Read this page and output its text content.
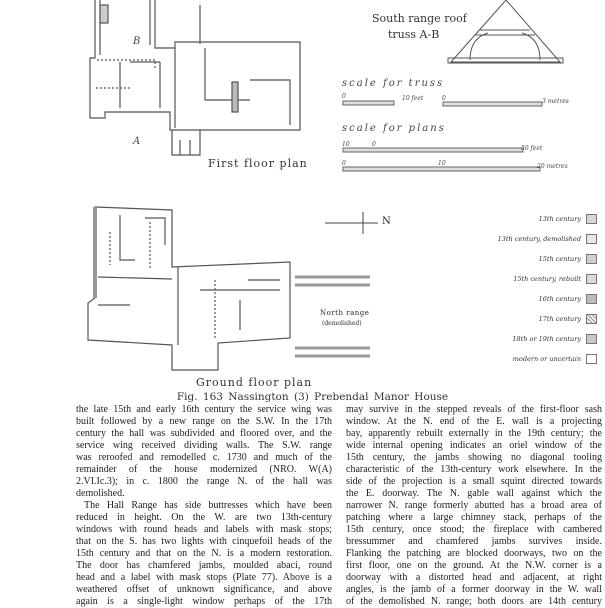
First floor plan
B
A
South range roof
truss A-B
scale for truss
0	10 feet	0	3 metres
scale for plans
10	0
50 feet
0	10	20 metres
N
North range
(demolished)
Ground floor plan
13th century
13th century, demolished
15th century
15th century, rebuilt
16th century
17th century
18th or 19th century
modern or uncertain
Fig. 163 Nassington (3) Prebendal Manor House
the late 15th and early 16th century the service wing was
built followed by a new range on the S.W. In the 17th
century the hall was subdivided and floored over, and the
service wing received dividing walls. The S.W. range
was reroofed and remodelled c. 1730 and much of the
remainder of the house modernized (NRO. W(A)
2.VI.Ic.3); in c. 1800 the range N. of the hall was
demolished.
The Hall Range has side buttresses which have been
reduced in height. On the W. are two 13th-century
windows with round heads and labels with mask stops;
that on the S. has two lights with cinquefoil heads of the
15th century and that on the N. is a modern restoration.
The door has chamfered jambs, moulded abaci, round
head and a label with mask stops (Plate 77). Above is a
weathered offset of unknown significance, and above
again is a single-light window perhaps of the 17th
may survive in the stepped reveals of the first-floor sash
window. At the N. end of the E. wall is a projecting
bay, apparently rebuilt externally in the 19th century; the
wide internal opening indicates an oriel window of the
15th century, the jambs showing no diagonal tooling
characteristic of the 13th-century work elsewhere. In the
side of the projection is a small squint directed towards
the E. doorway. The N. gable wall against which the
narrower N. range formerly abutted has a broad area of
patching where a large chimney stack, perhaps of the
15th century, once stood; the fireplace with cambered
bressummer and chamfered jambs survives inside.
Flanking the patching are blocked doorways, two on the
first floor, one on the ground. At the N.W. corner is a
doorway with a distorted head and adjacent, at right
angles, is the jamb of a former doorway in the W. wall
of the demolished N. range; both doors are 14th century
